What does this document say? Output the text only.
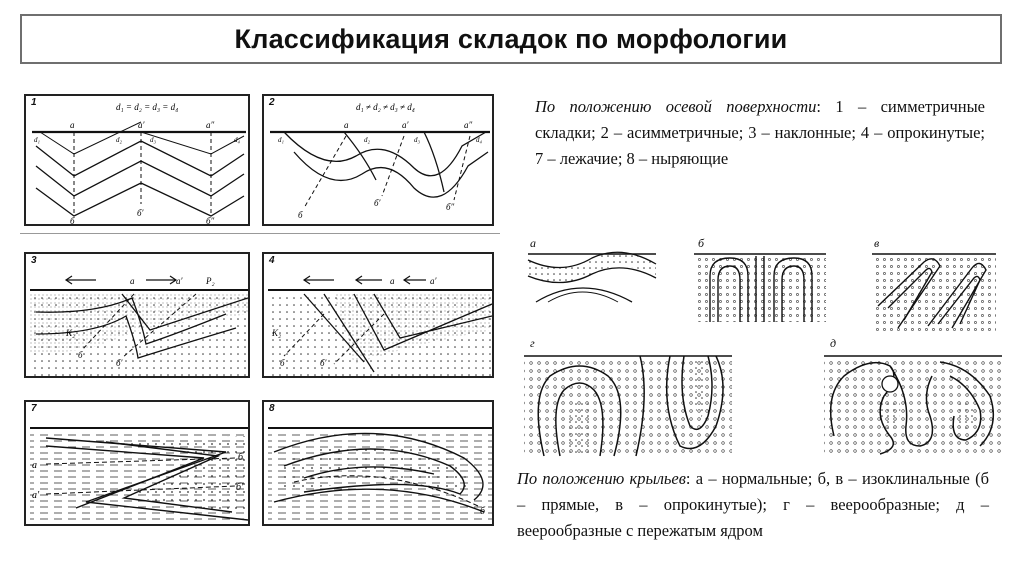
Классификация складок по морфологии
1	d₁ = d₂ = d₃ = d₄
a	a′	a″
d₁	d₂	d₃	d₄
б
б′
б″
2	d₁ ≠ d₂ ≠ d₃ ≠ d₄
a	a′	a″
d₁	d₂	d₃	d₄
б
б′	б″
3
a	a′	P₂
K₂
б
б′
4
a	a′
K₂
б	б′
7
a
a′
б
б′
8
б
По положению осевой поверхности: 1 – симметричные складки; 2 – асимметричные; 3 – наклонные; 4 – опрокинутые; 7 – лежачие; 8 – ныряющие
а	б	в
г	д
По положению крыльев: а – нормальные; б, в – изоклинальные (б – прямые, в – опрокинутые); г – веерообразные; д – веерообразные с пережатым ядром
